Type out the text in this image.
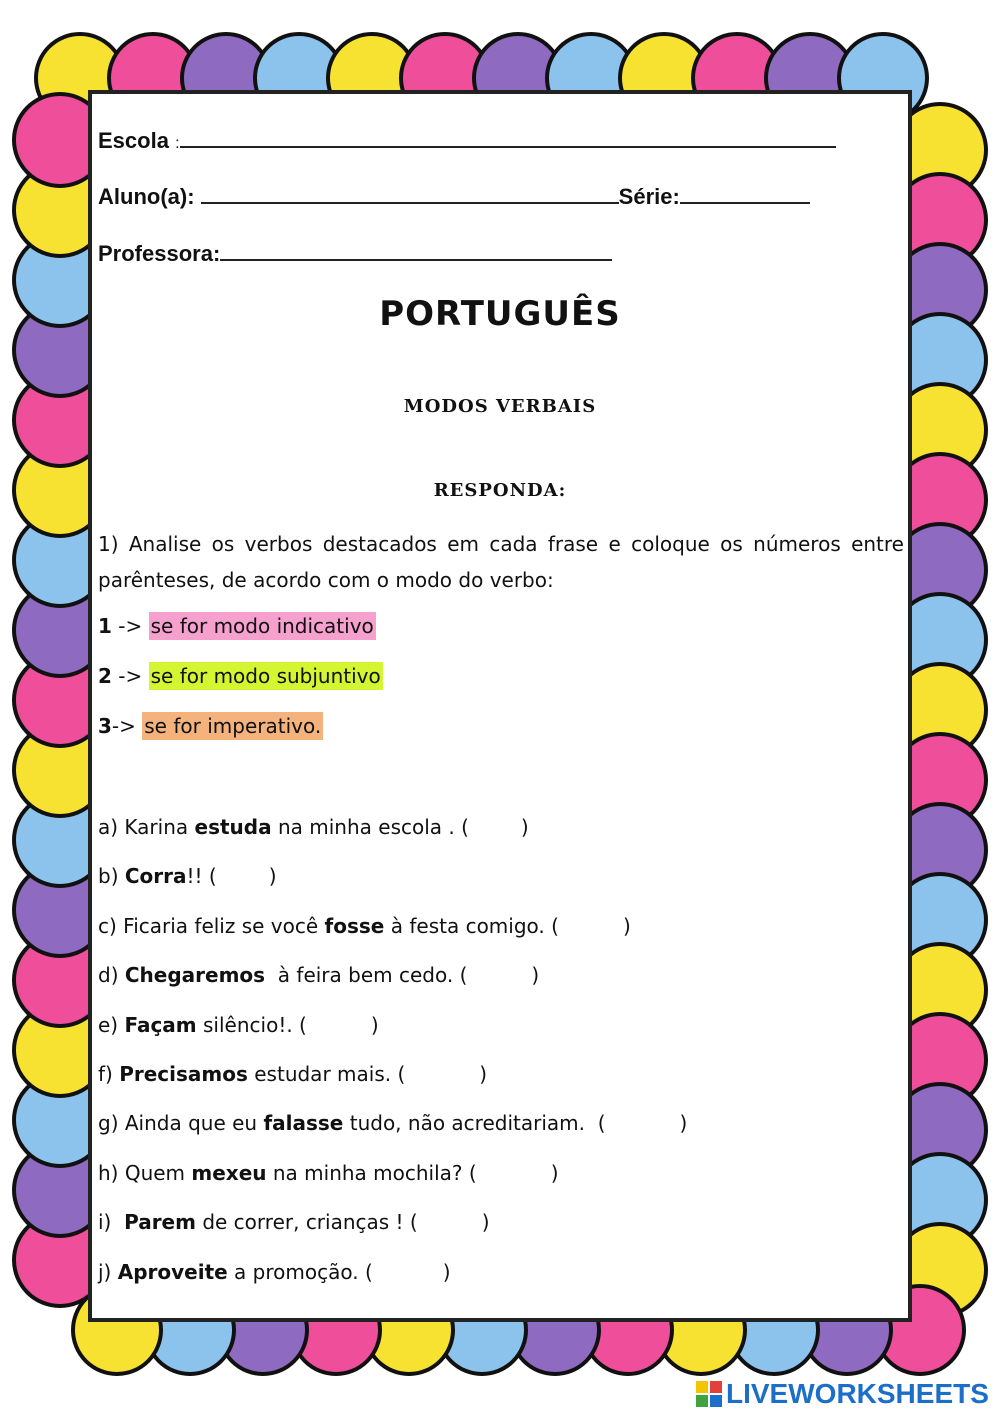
Escola :
Aluno(a):	Série:
Professora:
PORTUGUÊS
MODOS VERBAIS
RESPONDA:
1) Analise os verbos destacados em cada frase e coloque os números entre parênteses, de acordo com o modo do verbo:
1 -> se for modo indicativo
2 -> se for modo subjuntivo
3-> se for imperativo.
a) Karina estuda na minha escola . (	)
b) Corra!! (	)
c) Ficaria feliz se você fosse à festa comigo. (	)
d) Chegaremos  à feira bem cedo. (	)
e) Façam silêncio!. (	)
f) Precisamos estudar mais. (	)
g) Ainda que eu falasse tudo, não acreditariam.  (	)
h) Quem mexeu na minha mochila? (	)
i)  Parem de correr, crianças ! (	)
j) Aproveite a promoção. (	)
LIVEWORKSHEETS
